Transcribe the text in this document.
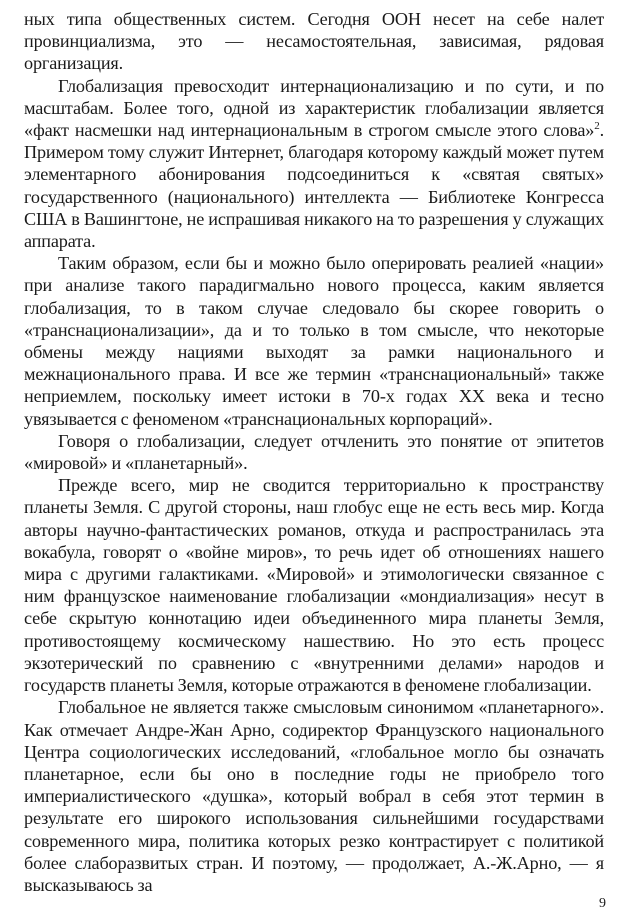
ных типа общественных систем. Сегодня ООН несет на себе налет провинциализма, это — несамостоятельная, зависимая, рядовая организация.

Глобализация превосходит интернационализацию и по сути, и по масштабам. Более того, одной из характеристик глобализации является «факт насмешки над интернациональным в строгом смысле этого слова»$^2$. Примером тому служит Интернет, благодаря которому каждый может путем элементарного абонирования подсоединиться к «святая святых» государственного (национального) интеллекта — Библиотеке Конгресса США в Вашингтоне, не испрашивая никакого на то разрешения у служащих аппарата.

Таким образом, если бы и можно было оперировать реалией «нации» при анализе такого парадигмально нового процесса, каким является глобализация, то в таком случае следовало бы скорее говорить о «транснационализации», да и то только в том смысле, что некоторые обмены между нациями выходят за рамки национального и межнационального права. И все же термин «транснациональный» также неприемлем, поскольку имеет истоки в 70-х годах XX века и тесно увязывается с феноменом «транснациональных корпораций».

Говоря о глобализации, следует отчленить это понятие от эпитетов «мировой» и «планетарный».

Прежде всего, мир не сводится территориально к пространству планеты Земля. С другой стороны, наш глобус еще не есть весь мир. Когда авторы научно-фантастических романов, откуда и распространилась эта вокабула, говорят о «войне миров», то речь идет об отношениях нашего мира с другими галактиками. «Мировой» и этимологически связанное с ним французское наименование глобализации «мондиализация» несут в себе скрытую коннотацию идеи объединенного мира планеты Земля, противостоящему космическому нашествию. Но это есть процесс экзотерический по сравнению с «внутренними делами» народов и государств планеты Земля, которые отражаются в феномене глобализации.

Глобальное не является также смысловым синонимом «планетарного». Как отмечает Андре-Жан Арно, содиректор Французского национального Центра социологических исследований, «глобальное могло бы означать планетарное, если бы оно в последние годы не приобрело того империалистического «душка», который вобрал в себя этот термин в результате его широкого использования сильнейшими государствами современного мира, политика которых резко контрастирует с политикой более слаборазвитых стран. И поэтому, — продолжает, А.-Ж.Арно, — я высказываюсь за

9
